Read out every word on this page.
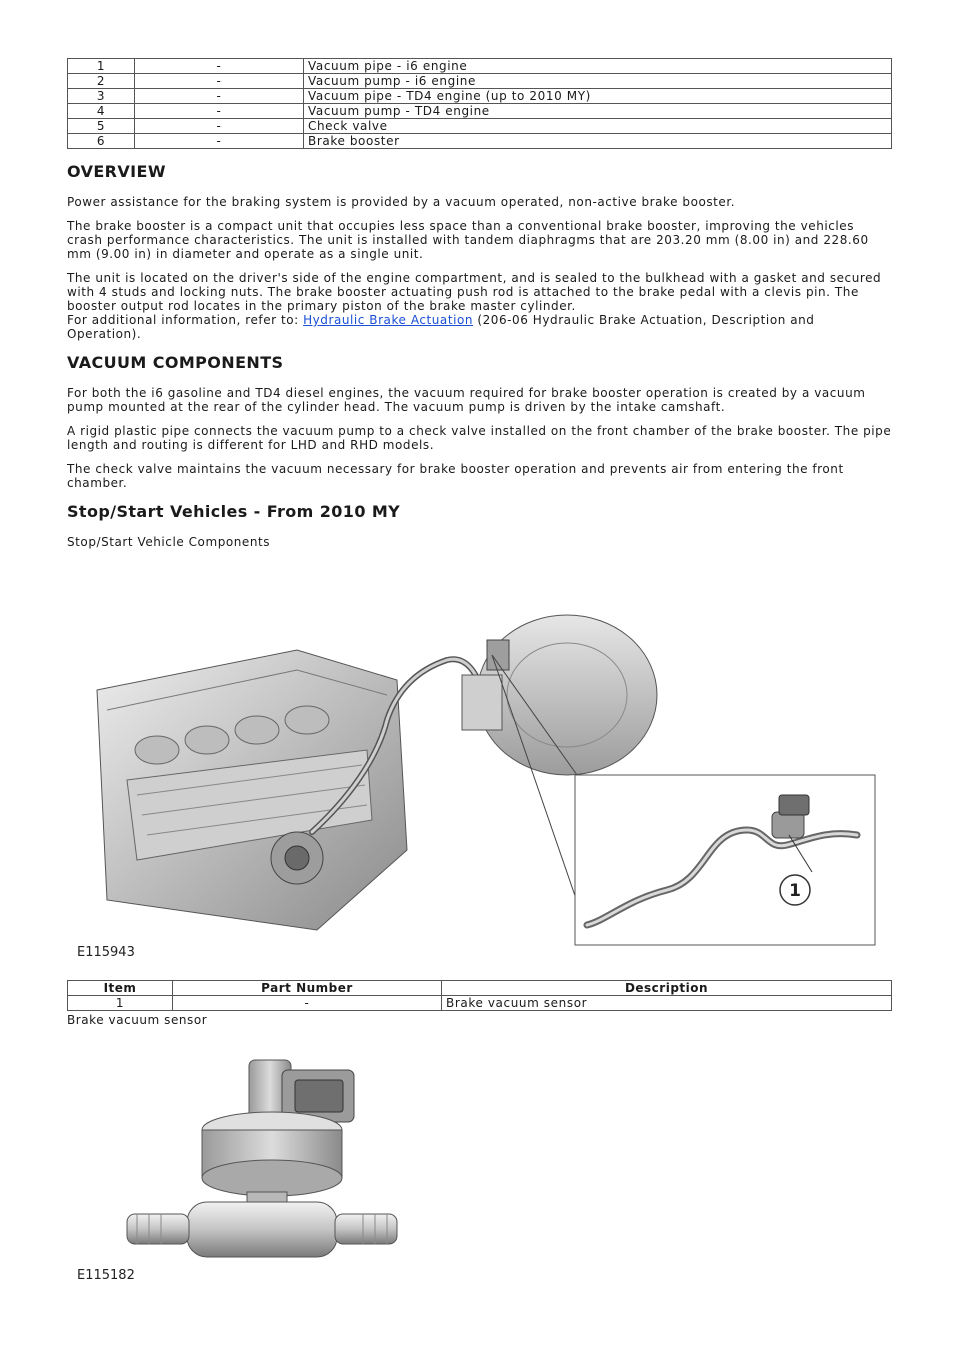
1	-	Vacuum pipe - i6 engine
2	-	Vacuum pump - i6 engine
3	-	Vacuum pipe - TD4 engine (up to 2010 MY)
4	-	Vacuum pump - TD4 engine
5	-	Check valve
6	-	Brake booster
OVERVIEW

Power assistance for the braking system is provided by a vacuum operated, non-active brake booster.

The brake booster is a compact unit that occupies less space than a conventional brake booster, improving the vehicles crash performance characteristics. The unit is installed with tandem diaphragms that are 203.20 mm (8.00 in) and 228.60 mm (9.00 in) in diameter and operate as a single unit.

The unit is located on the driver's side of the engine compartment, and is sealed to the bulkhead with a gasket and secured with 4 studs and locking nuts. The brake booster actuating push rod is attached to the brake pedal with a clevis pin. The booster output rod locates in the primary piston of the brake master cylinder.

For additional information, refer to: Hydraulic Brake Actuation (206-06 Hydraulic Brake Actuation, Description and Operation).

VACUUM COMPONENTS

For both the i6 gasoline and TD4 diesel engines, the vacuum required for brake booster operation is created by a vacuum pump mounted at the rear of the cylinder head. The vacuum pump is driven by the intake camshaft.

A rigid plastic pipe connects the vacuum pump to a check valve installed on the front chamber of the brake booster. The pipe length and routing is different for LHD and RHD models.

The check valve maintains the vacuum necessary for brake booster operation and prevents air from entering the front chamber.

Stop/Start Vehicles - From 2010 MY

Stop/Start Vehicle Components

1
E115943
Item	Part Number	Description
1	-	Brake vacuum sensor

Brake vacuum sensor

E115182
